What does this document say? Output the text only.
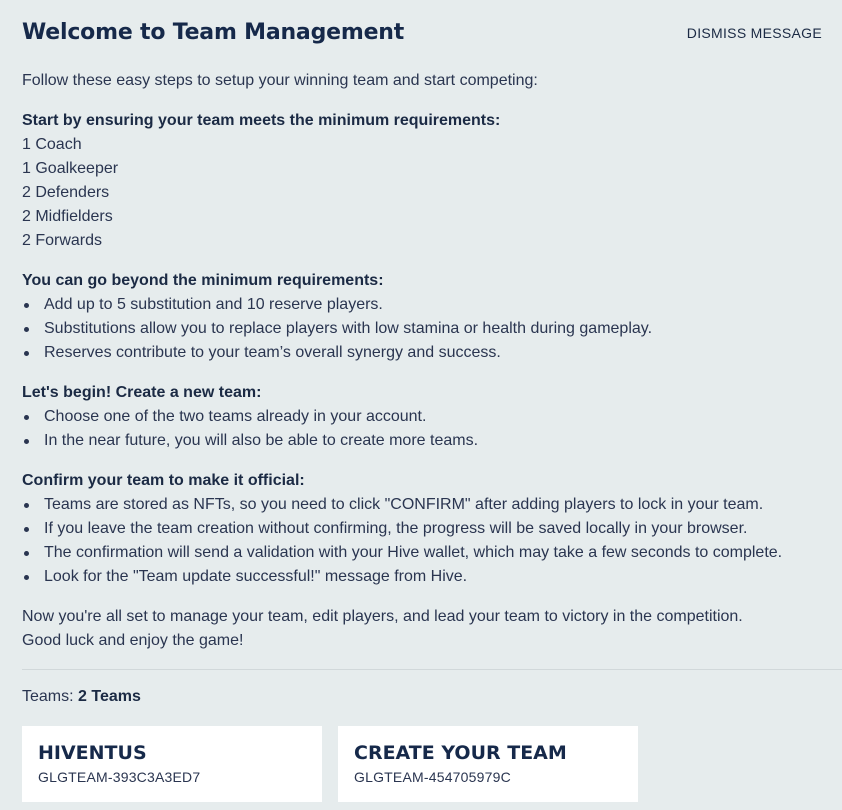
Welcome to Team Management	DISMISS MESSAGE

Follow these easy steps to setup your winning team and start competing:

Start by ensuring your team meets the minimum requirements:

1 Coach
1 Goalkeeper
2 Defenders
2 Midfielders
2 Forwards

You can go beyond the minimum requirements:

Add up to 5 substitution and 10 reserve players.
Substitutions allow you to replace players with low stamina or health during gameplay.
Reserves contribute to your team’s overall synergy and success.

Let's begin! Create a new team:

Choose one of the two teams already in your account.
In the near future, you will also be able to create more teams.

Confirm your team to make it official:

Teams are stored as NFTs, so you need to click "CONFIRM" after adding players to lock in your team.
If you leave the team creation without confirming, the progress will be saved locally in your browser.
The confirmation will send a validation with your Hive wallet, which may take a few seconds to complete.
Look for the "Team update successful!" message from Hive.

Now you're all set to manage your team, edit players, and lead your team to victory in the competition.

Good luck and enjoy the game!

Teams: 2 Teams
HIVENTUS
GLGTEAM-393C3A3ED7
CREATE YOUR TEAM
GLGTEAM-454705979C
